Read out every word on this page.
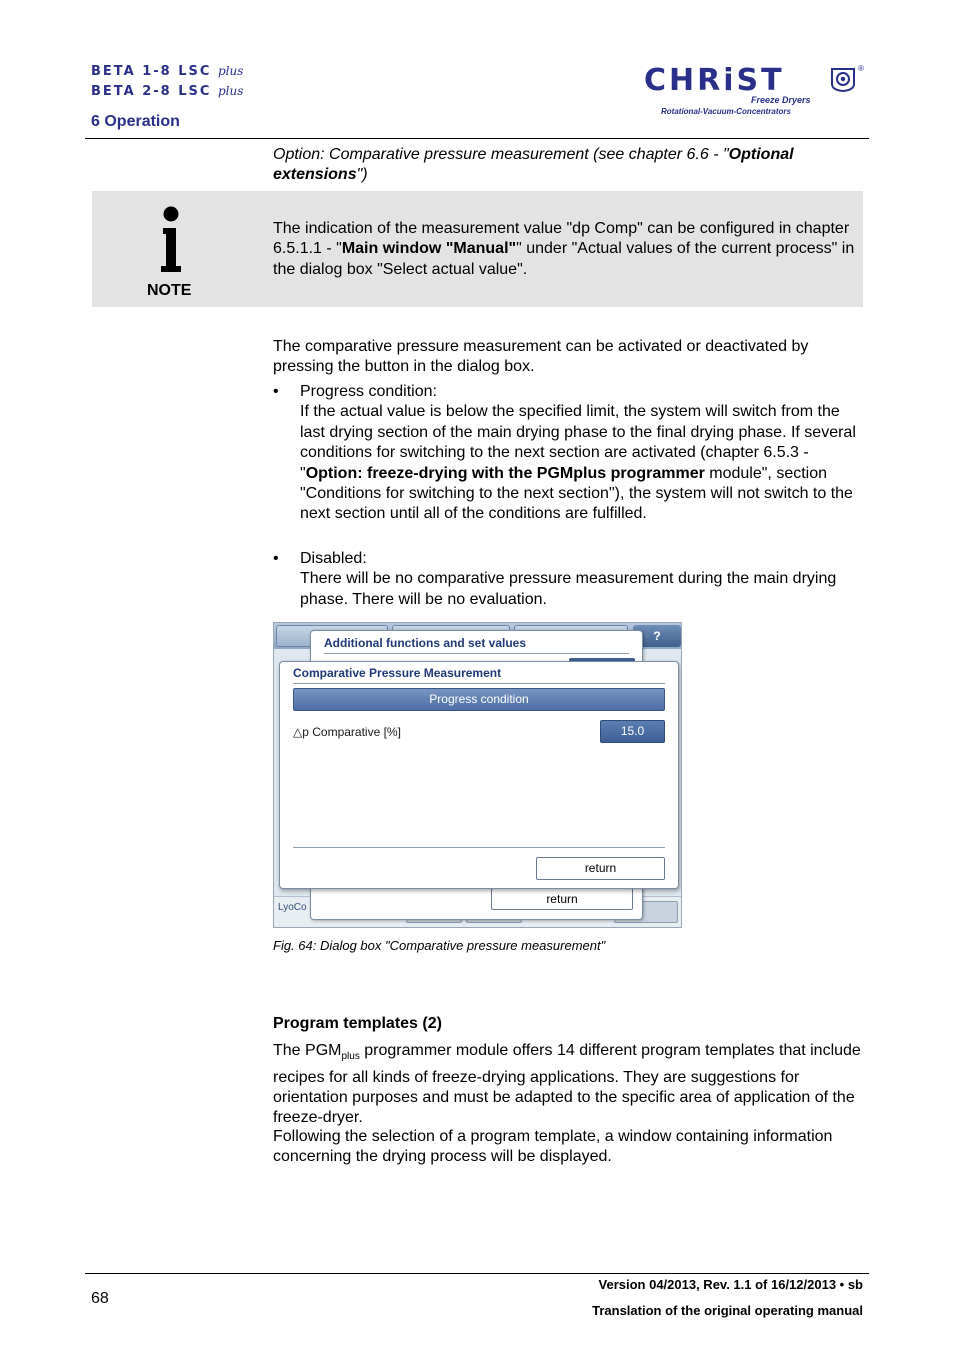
BETA 1-8 LSC plus
BETA 2-8 LSC plus
6 Operation
CHRiST	®
Freeze Dryers
Rotational-Vacuum-Concentrators
Option: Comparative pressure measurement (see chapter 6.6 - "Optional extensions")
NOTE
The indication of the measurement value "dp Comp" can be configured in chapter 6.5.1.1 - "Main window "Manual"" under "Actual values of the current process" in the dialog box "Select actual value".
The comparative pressure measurement can be activated or deactivated by pressing the button in the dialog box.
• Progress condition:
If the actual value is below the specified limit, the system will switch from the last drying section of the main drying phase to the final drying phase. If several conditions for switching to the next section are activated (chapter 6.5.3 - "Option: freeze-drying with the PGMplus programmer module", section "Conditions for switching to the next section"), the system will not switch to the next section until all of the conditions are fulfilled.
• Disabled:
There will be no comparative pressure measurement during the main drying phase. There will be no evaluation.
?
LyoCo
Additional functions and set values
return
Comparative Pressure Measurement
Progress condition
△p Comparative [%]	15.0
return
Fig. 64: Dialog box "Comparative pressure measurement"
Program templates (2)
The $PGM_{plus}$ programmer module offers 14 different program templates that include recipes for all kinds of freeze-drying applications. They are suggestions for orientation purposes and must be adapted to the specific area of application of the freeze-dryer.
Following the selection of a program template, a window containing information concerning the drying process will be displayed.
68
Version 04/2013, Rev. 1.1 of 16/12/2013 • sb
Translation of the original operating manual
